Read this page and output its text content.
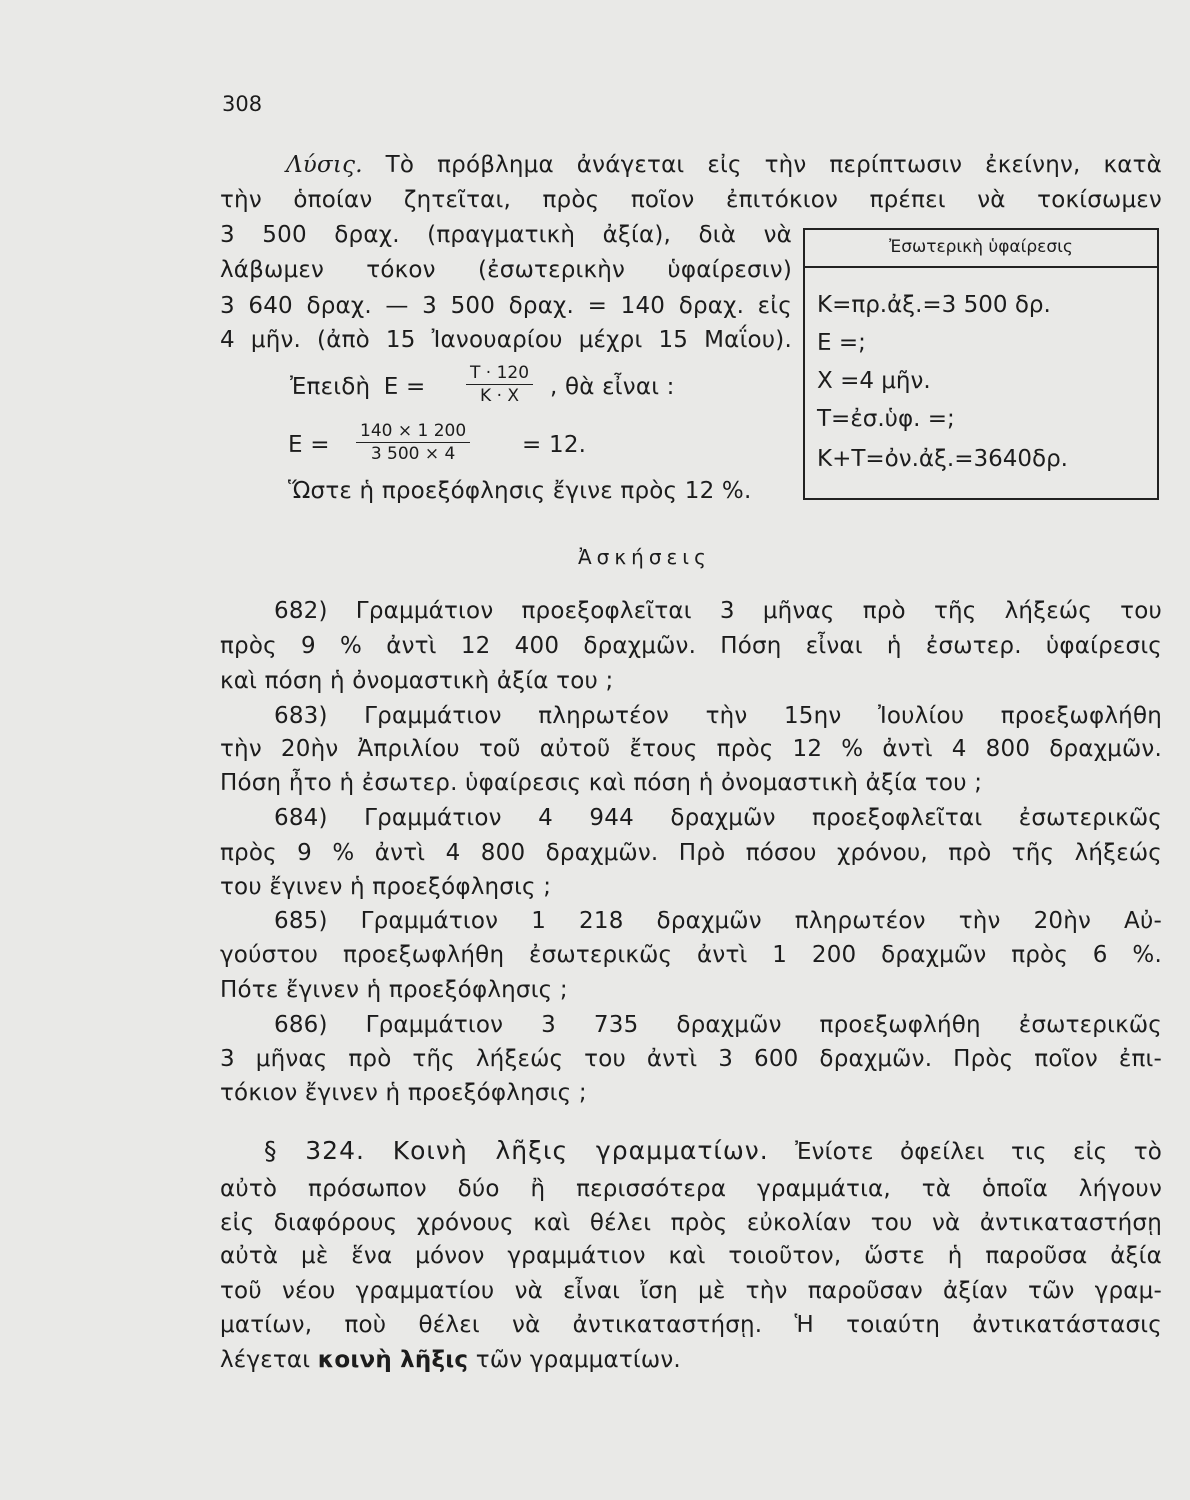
308
Λύσις. Τὸ πρόβλημα ἀνάγεται εἰς τὴν περίπτωσιν ἐκείνην, κατὰ
τὴν ὁποίαν ζητεῖται, πρὸς ποῖον ἐπιτόκιον πρέπει νὰ τοκίσωμεν
3 500 δραχ. (πραγματικὴ ἀξία), διὰ νὰ
λάβωμεν τόκον (ἐσωτερικὴν ὑφαίρεσιν)
3 640 δραχ. — 3 500 δραχ. = 140 δραχ. εἰς
4 μῆν. (ἀπὸ 15 Ἰανουαρίου μέχρι 15 Μαΐου).
Ἐπειδὴ $E = \frac{T \cdot 120}{K \cdot X}$ , θὰ εἶναι :
$E = \frac{140 \times 1 200}{3 500 \times 4} = 12$.
Ὥστε ἡ προεξόφλησις ἔγινε πρὸς 12 %.
Ἐσωτερικὴ ὑφαίρεσις
Κ=πρ.ἀξ.=3 500 δρ.
Ε =;
Χ =4 μῆν.
Τ=ἐσ.ὑφ. =;
Κ+Τ=ὀν.ἀξ.=3640δρ.
Ἀσκήσεις
682) Γραμμάτιον προεξοφλεῖται 3 μῆνας πρὸ τῆς λήξεώς του
πρὸς 9 % ἀντὶ 12 400 δραχμῶν. Πόση εἶναι ἡ ἐσωτερ. ὑφαίρεσις
καὶ πόση ἡ ὀνομαστικὴ ἀξία του ;
683) Γραμμάτιον πληρωτέον τὴν 15ην Ἰουλίου προεξωφλήθη
τὴν 20ὴν Ἀπριλίου τοῦ αὐτοῦ ἔτους πρὸς 12 % ἀντὶ 4 800 δραχμῶν.
Πόση ἦτο ἡ ἐσωτερ. ὑφαίρεσις καὶ πόση ἡ ὀνομαστικὴ ἀξία του ;
684) Γραμμάτιον 4 944 δραχμῶν προεξοφλεῖται ἐσωτερικῶς
πρὸς 9 % ἀντὶ 4 800 δραχμῶν. Πρὸ πόσου χρόνου, πρὸ τῆς λήξεώς
του ἔγινεν ἡ προεξόφλησις ;
685) Γραμμάτιον 1 218 δραχμῶν πληρωτέον τὴν 20ὴν Αὐ-
γούστου προεξωφλήθη ἐσωτερικῶς ἀντὶ 1 200 δραχμῶν πρὸς 6 %.
Πότε ἔγινεν ἡ προεξόφλησις ;
686) Γραμμάτιον 3 735 δραχμῶν προεξωφλήθη ἐσωτερικῶς
3 μῆνας πρὸ τῆς λήξεώς του ἀντὶ 3 600 δραχμῶν. Πρὸς ποῖον ἐπι-
τόκιον ἔγινεν ἡ προεξόφλησις ;
§ 324. Κοινὴ λῆξις γραμματίων. Ἐνίοτε ὀφείλει τις εἰς τὸ
αὐτὸ πρόσωπον δύο ἢ περισσότερα γραμμάτια, τὰ ὁποῖα λήγουν
εἰς διαφόρους χρόνους καὶ θέλει πρὸς εὐκολίαν του νὰ ἀντικαταστήσῃ
αὐτὰ μὲ ἕνα μόνον γραμμάτιον καὶ τοιοῦτον, ὥστε ἡ παροῦσα ἀξία
τοῦ νέου γραμματίου νὰ εἶναι ἴση μὲ τὴν παροῦσαν ἀξίαν τῶν γραμ-
ματίων, ποὺ θέλει νὰ ἀντικαταστήσῃ. Ἡ τοιαύτη ἀντικατάστασις
λέγεται κοινὴ λῆξις τῶν γραμματίων.
